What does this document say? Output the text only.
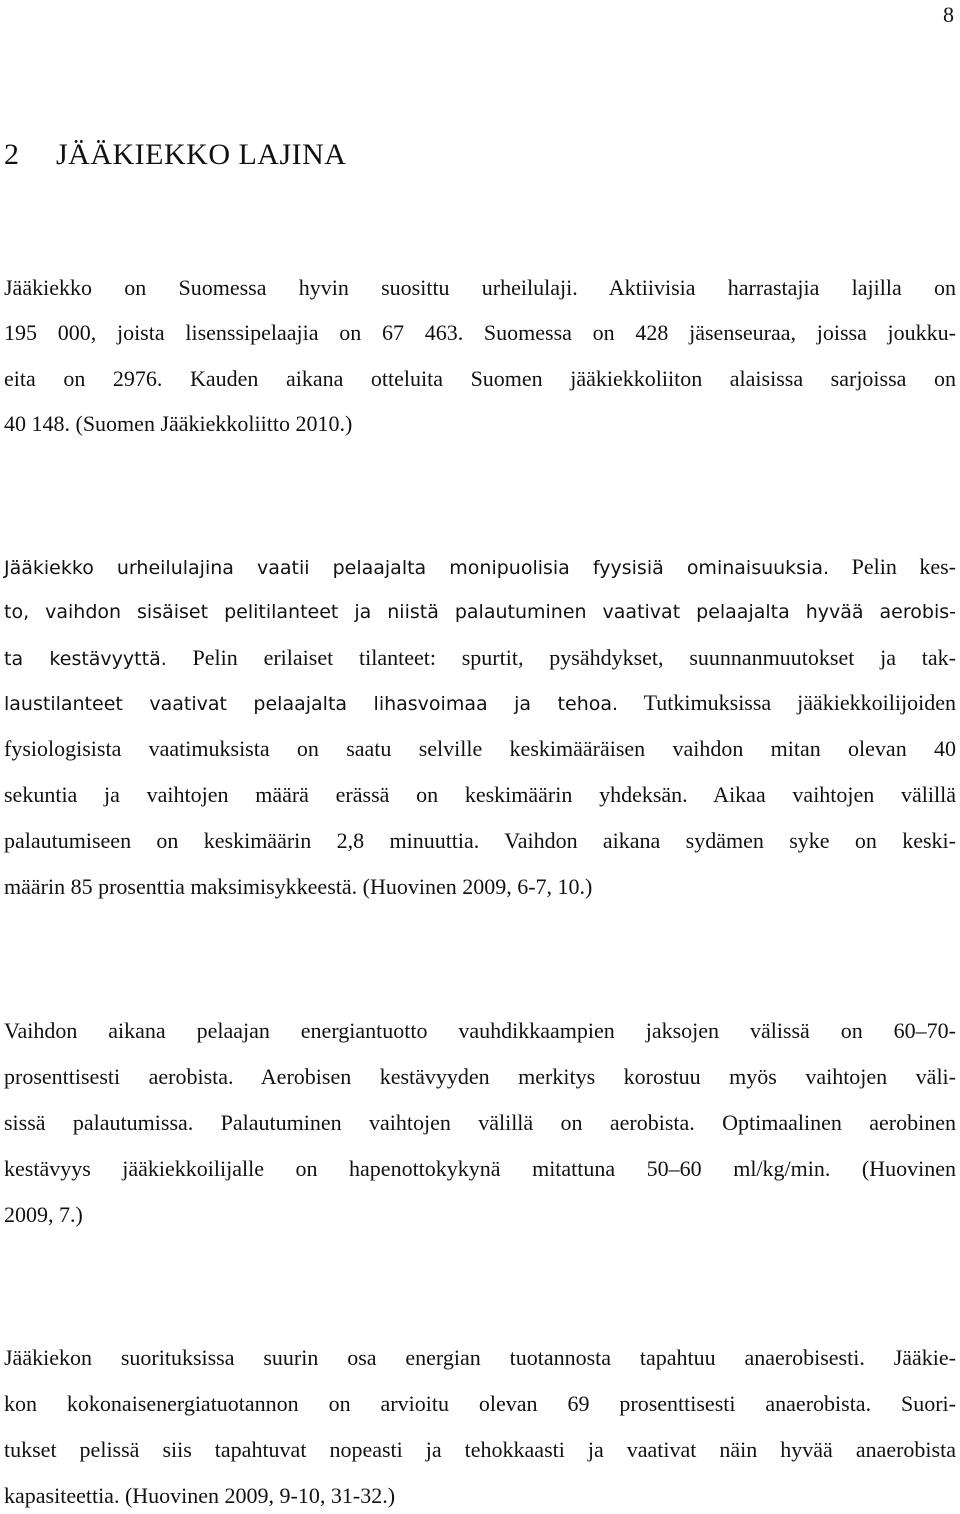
8
2 JÄÄKIEKKO LAJINA
Jääkiekko on Suomessa hyvin suosittu urheilulaji. Aktiivisia harrastajia lajilla on
195 000, joista lisenssipelaajia on 67 463. Suomessa on 428 jäsenseuraa, joissa joukku-
eita on 2976. Kauden aikana otteluita Suomen jääkiekkoliiton alaisissa sarjoissa on
40 148. (Suomen Jääkiekkoliitto 2010.)
Jääkiekko urheilulajina vaatii pelaajalta monipuolisia fyysisiä ominaisuuksia. Pelin kes-
to, vaihdon sisäiset pelitilanteet ja niistä palautuminen vaativat pelaajalta hyvää aerobis-
ta kestävyyttä. Pelin erilaiset tilanteet: spurtit, pysähdykset, suunnanmuutokset ja tak-
laustilanteet vaativat pelaajalta lihasvoimaa ja tehoa. Tutkimuksissa jääkiekkoilijoiden
fysiologisista vaatimuksista on saatu selville keskimääräisen vaihdon mitan olevan 40
sekuntia ja vaihtojen määrä erässä on keskimäärin yhdeksän. Aikaa vaihtojen välillä
palautumiseen on keskimäärin 2,8 minuuttia. Vaihdon aikana sydämen syke on keski-
määrin 85 prosenttia maksimisykkeestä. (Huovinen 2009, 6-7, 10.)
Vaihdon aikana pelaajan energiantuotto vauhdikkaampien jaksojen välissä on 60–70-
prosenttisesti aerobista. Aerobisen kestävyyden merkitys korostuu myös vaihtojen väli-
sissä palautumissa. Palautuminen vaihtojen välillä on aerobista. Optimaalinen aerobinen
kestävyys jääkiekkoilijalle on hapenottokykynä mitattuna 50–60 ml/kg/min. (Huovinen
2009, 7.)
Jääkiekon suorituksissa suurin osa energian tuotannosta tapahtuu anaerobisesti. Jääkie-
kon kokonaisenergiatuotannon on arvioitu olevan 69 prosenttisesti anaerobista. Suori-
tukset pelissä siis tapahtuvat nopeasti ja tehokkaasti ja vaativat näin hyvää anaerobista
kapasiteettia. (Huovinen 2009, 9-10, 31-32.)
